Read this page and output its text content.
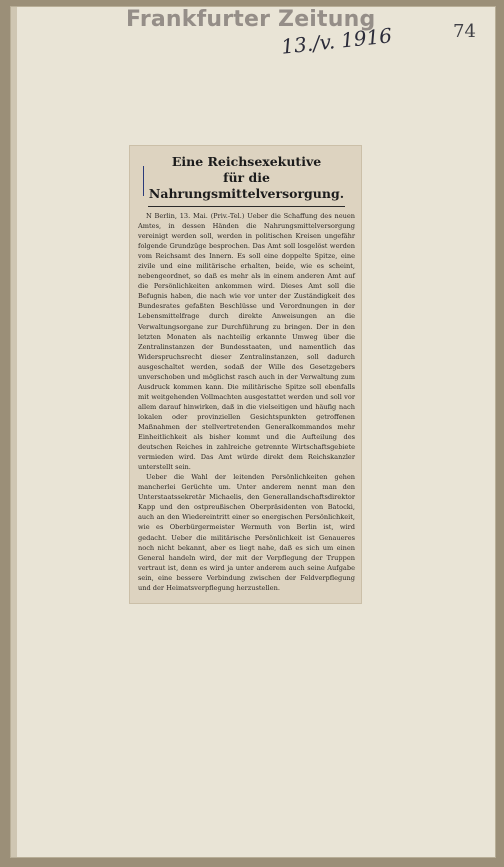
Frankfurter Zeitung
13./v. 1916	74
Eine Reichsexekutive
für die Nahrungsmittelversorgung.

N Berlin, 13. Mai. (Priv.-Tel.) Ueber die Schaffung des neuen Amtes, in dessen Händen die Nahrungsmittelversorgung vereinigt werden soll, werden in politischen Kreisen ungefähr folgende Grundzüge besprochen. Das Amt soll losgelöst werden vom Reichsamt des Innern. Es soll eine doppelte Spitze, eine zivile und eine militärische erhalten, beide, wie es scheint, nebengeordnet, so daß es mehr als in einem anderen Amt auf die Persönlichkeiten ankommen wird. Dieses Amt soll die Befugnis haben, die nach wie vor unter der Zuständigkeit des Bundesrates gefaßten Beschlüsse und Verordnungen in der Lebensmittelfrage durch direkte Anweisungen an die Verwaltungsorgane zur Durchführung zu bringen. Der in den letzten Monaten als nachteilig erkannte Umweg über die Zentralinstanzen der Bundesstaaten, und namentlich das Widerspruchsrecht dieser Zentralinstanzen, soll dadurch ausgeschaltet werden, sodaß der Wille des Gesetzgebers unverschoben und möglichst rasch auch in der Verwaltung zum Ausdruck kommen kann. Die militärische Spitze soll ebenfalls mit weitgehenden Vollmachten ausgestattet werden und soll vor allem darauf hinwirken, daß in die vielseitigen und häufig nach lokalen oder provinziellen Gesichtspunkten getroffenen Maßnahmen der stellvertretenden Generalkommandos mehr Einheitlichkeit als bisher kommt und die Aufteilung des deutschen Reiches in zahlreiche getrennte Wirtschaftsgebiete vermieden wird. Das Amt würde direkt dem Reichskanzler unterstellt sein.

Ueber die Wahl der leitenden Persönlichkeiten gehen mancherlei Gerüchte um. Unter anderem nennt man den Unterstaatssekretär Michaelis, den Generallandschaftsdirektor Kapp und den ostpreußischen Oberpräsidenten von Batocki, auch an den Wiedereintritt einer so energischen Persönlichkeit, wie es Oberbürgermeister Wermuth von Berlin ist, wird gedacht. Ueber die militärische Persönlichkeit ist Genaueres noch nicht bekannt, aber es liegt nahe, daß es sich um einen General handeln wird, der mit der Verpflegung der Truppen vertraut ist, denn es wird ja unter anderem auch seine Aufgabe sein, eine bessere Verbindung zwischen der Feldverpflegung und der Heimatsverpflegung herzustellen.
